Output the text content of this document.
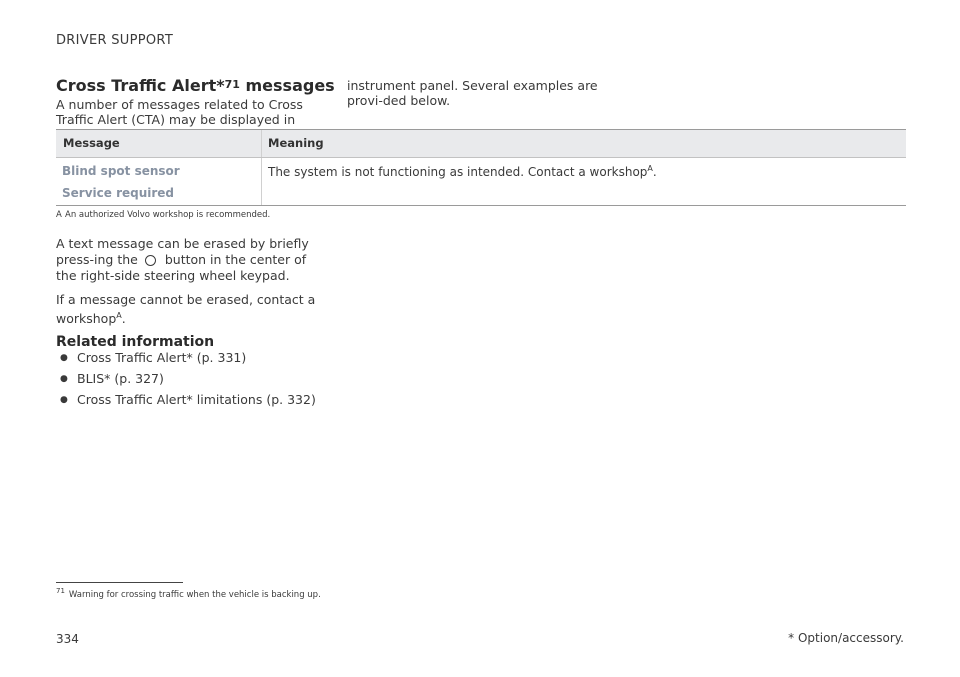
DRIVER SUPPORT
Cross Traffic Alert*$^{71}$ messages
A number of messages related to Cross Traffic Alert (CTA) may be displayed in
instrument panel. Several examples are provi-ded below.
Message	Meaning
Blind spot sensor
Service required
The system is not functioning as intended. Contact a workshop$^A$.
A An authorized Volvo workshop is recommended.
A text message can be erased by briefly press-ing the button in the center of the right-side steering wheel keypad.
If a message cannot be erased, contact a workshop$^A$.
Related information
● Cross Traffic Alert* (p. 331)
● BLIS* (p. 327)
● Cross Traffic Alert* limitations (p. 332)
$^{71}$ Warning for crossing traffic when the vehicle is backing up.
334	* Option/accessory.
